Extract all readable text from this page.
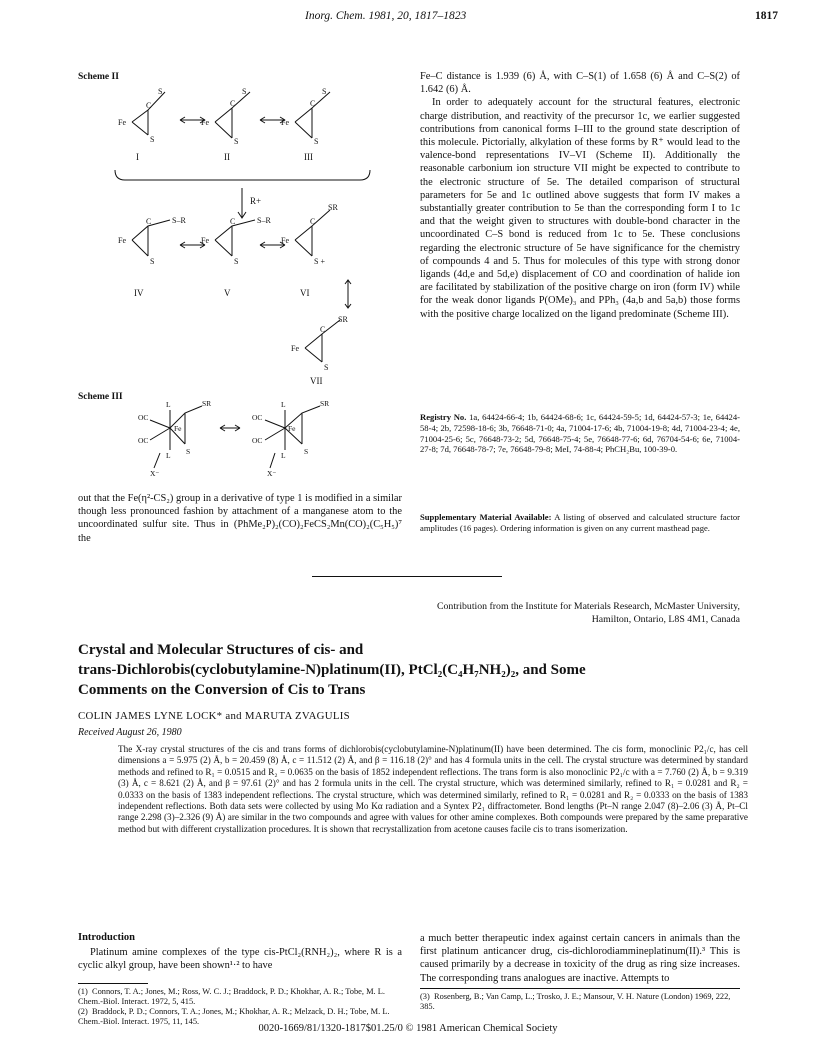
Inorg. Chem. 1981, 20, 1817–1823	1817
Scheme II
Fe
S
S
C
Fe
S
S
C
Fe
S
S
C
R+
Fe
S–R
S
C
Fe
S–R
S
C
Fe
SR
S +
C
Fe
SR
S
C
I	II	III
IV	V	VI
VII
Scheme III
OC
L	SR
Fe
S
OC
L
X⁻
OC
L	SR
Fe
S
OC
L
X⁻
out that the Fe(η²-CS₂) group in a derivative of type 1 is modified in a similar though less pronounced fashion by attachment of a manganese atom to the uncoordinated sulfur site. Thus in (PhMe₂P)₂(CO)₂FeCS₂Mn(CO)₂(C₅H₅)⁷ the
Fe–C distance is 1.939 (6) Å, with C–S(1) of 1.658 (6) Å and C–S(2) of 1.642 (6) Å.

In order to adequately account for the structural features, electronic charge distribution, and reactivity of the precursor 1c, we earlier suggested contributions from canonical forms I–III to the ground state description of this molecule. Pictorially, alkylation of these forms by R⁺ would lead to the valence-bond representations IV–VI (Scheme II). Additionally the reasonable carbonium ion structure VII might be expected to contribute to the electronic structure of 5e. The detailed comparison of structural parameters for 5e and 1c outlined above suggests that form IV makes a substantially greater contribution to 5e than the corresponding form I to 1c and that the weight given to structures with double-bond character in the uncoordinated C–S bond is reduced from 1c to 5e. These conclusions regarding the electronic structure of 5e have significance for the chemistry of compounds 4 and 5. Thus for molecules of this type with strong donor ligands (4d,e and 5d,e) displacement of CO and coordination of halide ion are facilitated by stabilization of the positive charge on iron (form IV) while for the weak donor ligands P(OMe)₃ and PPh₃ (4a,b and 5a,b) those forms with the positive charge localized on the ligand predominate (Scheme III).

Registry No. 1a, 64424-66-4; 1b, 64424-68-6; 1c, 64424-59-5; 1d, 64424-57-3; 1e, 64424-58-4; 2b, 72598-18-6; 3b, 76648-71-0; 4a, 71004-17-6; 4b, 71004-19-8; 4d, 71004-23-4; 4e, 71004-25-6; 5c, 76648-73-2; 5d, 76648-75-4; 5e, 76648-77-6; 6d, 76704-54-6; 6e, 71004-27-8; 7d, 76648-78-7; 7e, 76648-79-8; MeI, 74-88-4; PhCH₂Bu, 100-39-0.
Supplementary Material Available: A listing of observed and calculated structure factor amplitudes (16 pages). Ordering information is given on any current masthead page.
Contribution from the Institute for Materials Research, McMaster University,
Hamilton, Ontario, L8S 4M1, Canada
Crystal and Molecular Structures of cis- and
trans-Dichlorobis(cyclobutylamine-N)platinum(II), PtCl₂(C₄H₇NH₂)₂, and Some
Comments on the Conversion of Cis to Trans
COLIN JAMES LYNE LOCK* and MARUTA ZVAGULIS
Received August 26, 1980
The X-ray crystal structures of the cis and trans forms of dichlorobis(cyclobutylamine-N)platinum(II) have been determined. The cis form, monoclinic P2₁/c, has cell dimensions a = 5.975 (2) Å, b = 20.459 (8) Å, c = 11.512 (2) Å, and β = 116.18 (2)° and has 4 formula units in the cell. The crystal structure was determined by standard methods and refined to R₁ = 0.0515 and R₂ = 0.0635 on the basis of 1852 independent reflections. The trans form is also monoclinic P2₁/c with a = 7.760 (2) Å, b = 9.319 (3) Å, c = 8.621 (2) Å, and β = 97.61 (2)° and has 2 formula units in the cell. The crystal structure, which was determined similarly, refined to R₁ = 0.0281 and R₂ = 0.0333 on the basis of 1383 independent reflections. The crystal structure, which was determined similarly, refined to R₁ = 0.0281 and R₂ = 0.0333 on the basis of 1383 independent reflections. Both data sets were collected by using Mo Kα radiation and a Syntex P2₁ diffractometer. Bond lengths (Pt–N range 2.047 (8)–2.06 (3) Å, Pt–Cl range 2.298 (3)–2.326 (9) Å) are similar in the two compounds and agree with values for other amine complexes. Both compounds were prepared by the same preparative method but with different crystallization procedures. It is shown that recrystallization from acetone causes facile cis to trans isomerization.
Introduction

Platinum amine complexes of the type cis-PtCl₂(RNH₂)₂, where R is a cyclic alkyl group, have been shown¹·² to have

a much better therapeutic index against certain cancers in animals than the first platinum anticancer drug, cis-dichlorodiammineplatinum(II).³ This is caused primarily by a decrease in toxicity of the drug as ring size increases. The corresponding trans analogues are inactive. Attempts to
(1) Connors, T. A.; Jones, M.; Ross, W. C. J.; Braddock, P. D.; Khokhar, A. R.; Tobe, M. L. Chem.-Biol. Interact. 1972, 5, 415.
(2) Braddock, P. D.; Connors, T. A.; Jones, M.; Khokhar, A. R.; Melzack, D. H.; Tobe, M. L. Chem.-Biol. Interact. 1975, 11, 145.
(3) Rosenberg, B.; Van Camp, L.; Trosko, J. E.; Mansour, V. H. Nature (London) 1969, 222, 385.
0020-1669/81/1320-1817$01.25/0 © 1981 American Chemical Society
